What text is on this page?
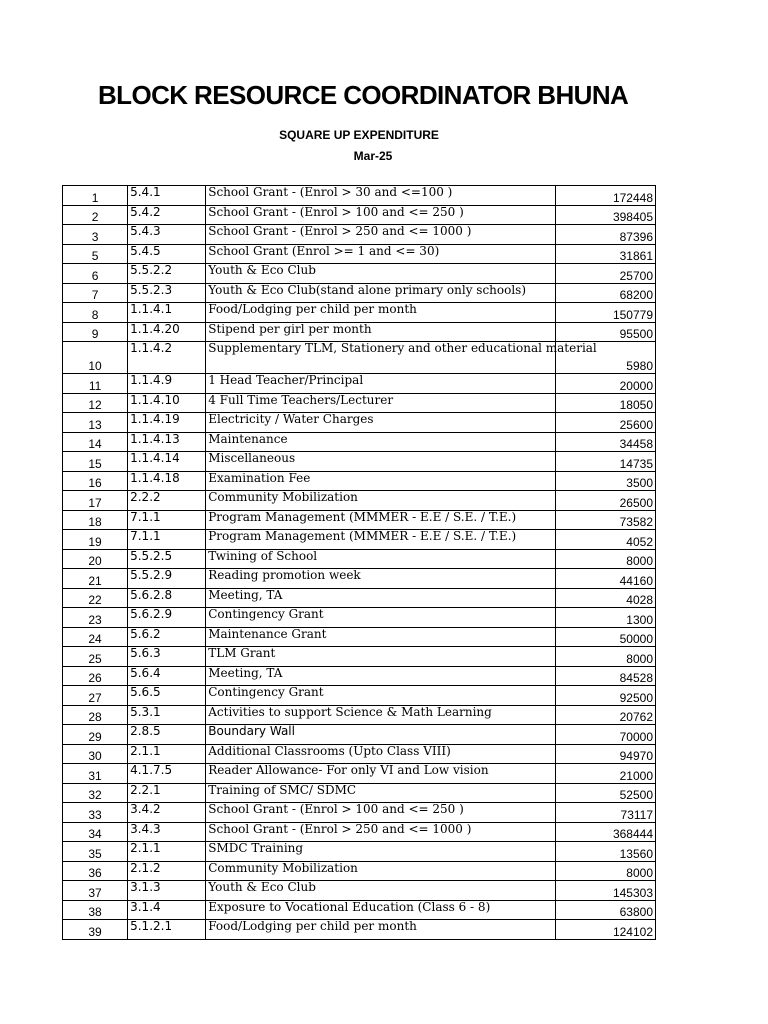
BLOCK RESOURCE COORDINATOR BHUNA
SQUARE UP EXPENDITURE
Mar-25
1	5.4.1	School Grant - (Enrol > 30 and <=100 )	172448
2	5.4.2	School Grant - (Enrol > 100 and <= 250 )	398405
3	5.4.3	School Grant - (Enrol > 250 and <= 1000 )	87396
5	5.4.5	School Grant (Enrol >= 1 and <= 30)	31861
6	5.5.2.2	Youth & Eco Club	25700
7	5.5.2.3	Youth & Eco Club(stand alone primary only schools)	68200
8	1.1.4.1	Food/Lodging per child per month	150779
9	1.1.4.20	Stipend per girl per month	95500
10	1.1.4.2	Supplementary TLM, Stationery and other educational material	5980
11	1.1.4.9	1 Head Teacher/Principal	20000
12	1.1.4.10	4 Full Time Teachers/Lecturer	18050
13	1.1.4.19	Electricity / Water Charges	25600
14	1.1.4.13	Maintenance	34458
15	1.1.4.14	Miscellaneous	14735
16	1.1.4.18	Examination Fee	3500
17	2.2.2	Community Mobilization	26500
18	7.1.1	Program Management (MMMER - E.E / S.E. / T.E.)	73582
19	7.1.1	Program Management (MMMER - E.E / S.E. / T.E.)	4052
20	5.5.2.5	Twining of School	8000
21	5.5.2.9	Reading promotion week	44160
22	5.6.2.8	Meeting, TA	4028
23	5.6.2.9	Contingency Grant	1300
24	5.6.2	Maintenance Grant	50000
25	5.6.3	TLM Grant	8000
26	5.6.4	Meeting, TA	84528
27	5.6.5	Contingency Grant	92500
28	5.3.1	Activities to support Science & Math Learning	20762
29	2.8.5	Boundary Wall	70000
30	2.1.1	Additional Classrooms (Upto Class VIII)	94970
31	4.1.7.5	Reader Allowance- For only VI and Low vision	21000
32	2.2.1	Training of SMC/ SDMC	52500
33	3.4.2	School Grant - (Enrol > 100 and <= 250 )	73117
34	3.4.3	School Grant - (Enrol > 250 and <= 1000 )	368444
35	2.1.1	SMDC Training	13560
36	2.1.2	Community Mobilization	8000
37	3.1.3	Youth & Eco Club	145303
38	3.1.4	Exposure to Vocational Education (Class 6 - 8)	63800
39	5.1.2.1	Food/Lodging per child per month	124102
